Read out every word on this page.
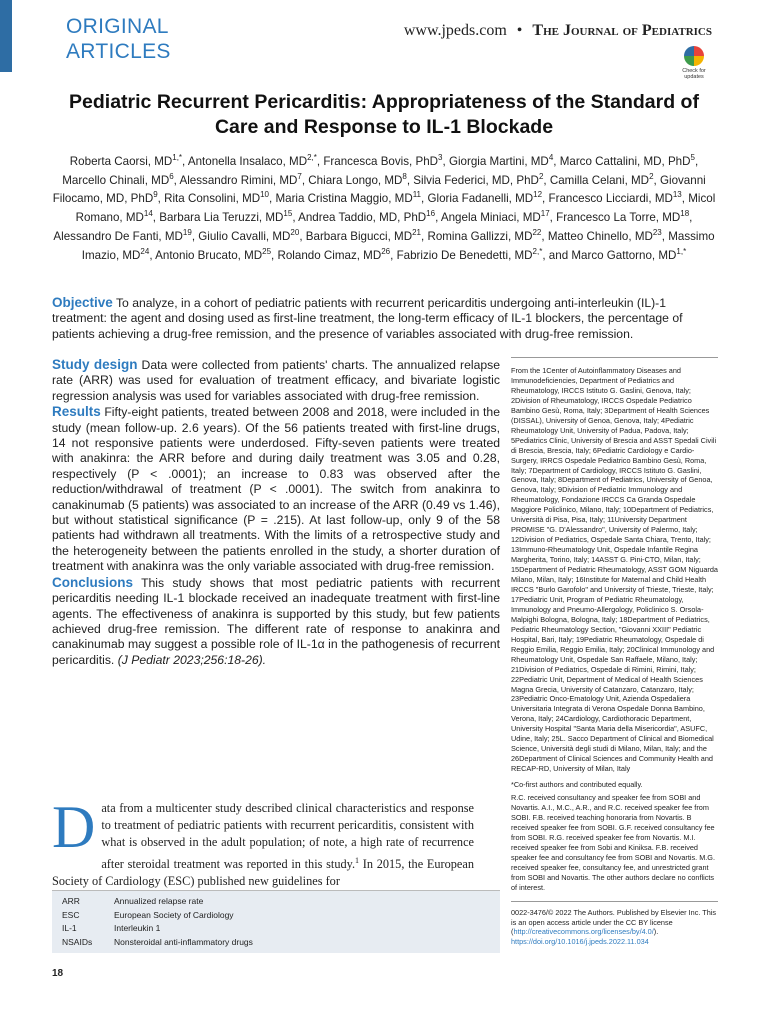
ORIGINAL
ARTICLES
www.jpeds.com • The Journal of Pediatrics
Check for
updates
Pediatric Recurrent Pericarditis: Appropriateness of the Standard of Care and Response to IL-1 Blockade
Roberta Caorsi, $MD^{1,*}$, Antonella Insalaco, $MD^{2,*}$, Francesca Bovis, PhD$^3$, Giorgia Martini, $MD^4$, Marco Cattalini, MD, PhD$^5$, Marcello Chinali, $MD^6$, Alessandro Rimini, $MD^7$, Chiara Longo, $MD^8$, Silvia Federici, MD, PhD$^2$, Camilla Celani, $MD^2$, Giovanni Filocamo, MD, PhD$^9$, Rita Consolini, MD$^{10}$, Maria Cristina Maggio, MD$^{11}$, Gloria Fadanelli, MD$^{12}$, Francesco Licciardi, MD$^{13}$, Micol Romano, MD$^{14}$, Barbara Lia Teruzzi, MD$^{15}$, Andrea Taddio, MD, PhD$^{16}$, Angela Miniaci, MD$^{17}$, Francesco La Torre, MD$^{18}$, Alessandro De Fanti, MD$^{19}$, Giulio Cavalli, MD$^{20}$, Barbara Bigucci, MD$^{21}$, Romina Gallizzi, MD$^{22}$, Matteo Chinello, MD$^{23}$, Massimo Imazio, MD$^{24}$, Antonio Brucato, MD$^{25}$, Rolando Cimaz, MD$^{26}$, Fabrizio De Benedetti, $MD^{2,*}$, and Marco Gattorno, $MD^{1,*}$

Objective To analyze, in a cohort of pediatric patients with recurrent pericarditis undergoing anti-interleukin (IL)-1 treatment: the agent and dosing used as first-line treatment, the long-term efficacy of IL-1 blockers, the percentage of patients achieving a drug-free remission, and the presence of variables associated with drug-free remission.

Study design Data were collected from patients' charts. The annualized relapse rate (ARR) was used for evaluation of treatment efficacy, and bivariate logistic regression analysis was used for variables associated with drug-free remission.

Results Fifty-eight patients, treated between 2008 and 2018, were included in the study (mean follow-up. 2.6 years). Of the 56 patients treated with first-line drugs, 14 not responsive patients were underdosed. Fifty-seven patients were treated with anakinra: the ARR before and during daily treatment was 3.05 and 0.28, respectively (P < .0001); an increase to 0.83 was observed after the reduction/withdrawal of treatment (P < .0001). The switch from anakinra to canakinumab (5 patients) was associated to an increase of the ARR (0.49 vs 1.46), but without statistical significance (P = .215). At last follow-up, only 9 of the 58 patients had withdrawn all treatments. With the limits of a retrospective study and the heterogeneity between the patients enrolled in the study, a shorter duration of treatment with anakinra was the only variable associated with drug-free remission.

Conclusions This study shows that most pediatric patients with recurrent pericarditis needing IL-1 blockade received an inadequate treatment with first-line agents. The effectiveness of anakinra is supported by this study, but few patients achieved drug-free remission. The different rate of response to anakinra and canakinumab may suggest a possible role of IL-1α in the pathogenesis of recurrent pericarditis. (J Pediatr 2023;256:18-26).

From the 1Center of Autoinflammatory Diseases and Immunodeficiencies, Department of Pediatrics and Rheumatology, IRCCS Istituto G. Gaslini, Genova, Italy; 2Division of Rheumatology, IRCCS Ospedale Pediatrico Bambino Gesù, Roma, Italy; 3Department of Health Sciences (DISSAL), University of Genoa, Genova, Italy; 4Pediatric Rheumatology Unit, University of Padua, Padova, Italy; 5Pediatrics Clinic, University of Brescia and ASST Spedali Civili di Brescia, Brescia, Italy; 6Pediatric Cardiology e Cardio-Surgery, IRRCS Ospedale Pediatrico Bambino Gesù, Roma, Italy; 7Department of Cardiology, IRCCS Istituto G. Gaslini, Genova, Italy; 8Department of Pediatrics, University of Genoa, Genova, Italy; 9Division of Pediatric Immunology and Rheumatology, Fondazione IRCCS Ca Granda Ospedale Maggiore Policlinico, Milano, Italy; 10Department of Pediatrics, Università di Pisa, Pisa, Italy; 11University Department PROMISE "G. D'Alessandro", University of Palermo, Italy; 12Division of Pediatrics, Ospedale Santa Chiara, Trento, Italy; 13Immuno-Rheumatology Unit, Ospedale Infantile Regina Margherita, Torino, Italy; 14ASST G. Pini-CTO, Milan, Italy; 15Department of Pediatric Rheumatology, ASST GOM Niguarda Milano, Milan, Italy; 16Institute for Maternal and Child Health IRCCS "Burlo Garofolo" and University of Trieste, Trieste, Italy; 17Pediatric Unit, Program of Pediatric Rheumatology, Immunology and Pneumo-Allergology, Policlinico S. Orsola-Malpighi Bologna, Bologna, Italy; 18Department of Pediatrics, Pediatric Rheumatology Section, "Giovanni XXIII" Pediatric Hospital, Bari, Italy; 19Pediatric Rheumatology, Ospedale di Reggio Emilia, Reggio Emilia, Italy; 20Clinical Immunology and Rheumatology Unit, Ospedale San Raffaele, Milano, Italy; 21Division of Pediatrics, Ospedale di Rimini, Rimini, Italy; 22Pediatric Unit, Department of Medical of Health Sciences Magna Grecia, University of Catanzaro, Catanzaro, Italy; 23Pediatric Onco-Ematology Unit, Azienda Ospedaliera Universitaria Integrata di Verona Ospedale Donna Bambino, Verona, Italy; 24Cardiology, Cardiothoracic Department, University Hospital "Santa Maria della Misericordia", ASUFC, Udine, Italy; 25L. Sacco Department of Clinical and Biomedical Science, Università degli studi di Milano, Milan, Italy; and the 26Department of Clinical Sciences and Community Health and RECAP-RD, University of Milan, Italy

*Co-first authors and contributed equally.

R.C. received consultancy and speaker fee from SOBI and Novartis. A.I., M.C., A.R., and R.C. received speaker fee from SOBI. F.B. received teaching honoraria from Novartis. B received speaker fee from SOBI. G.F. received consultancy fee from SOBI. R.G. received speaker fee from Novartis. M.I. received speaker fee from Sobi and Kiniksa. F.B. received speaker fee and consultancy fee from SOBI and Novartis. M.G. received speaker fee, consultancy fee, and unrestricted grant from SOBI and Novartis. The other authors declare no conflicts of interest.

0022-3476/© 2022 The Authors. Published by Elsevier Inc. This is an open access article under the CC BY license (http://creativecommons.org/licenses/by/4.0/).
https://doi.org/10.1016/j.jpeds.2022.11.034

Data from a multicenter study described clinical characteristics and response to treatment of pediatric patients with recurrent pericarditis, consistent with what is observed in the adult population; of note, a high rate of recurrence after steroidal treatment was reported in this study.$^1$ In 2015, the European Society of Cardiology (ESC) published new guidelines for

ARR	Annualized relapse rate
ESC	European Society of Cardiology
IL-1	Interleukin 1
NSAIDs	Nonsteroidal anti-inflammatory drugs
18
